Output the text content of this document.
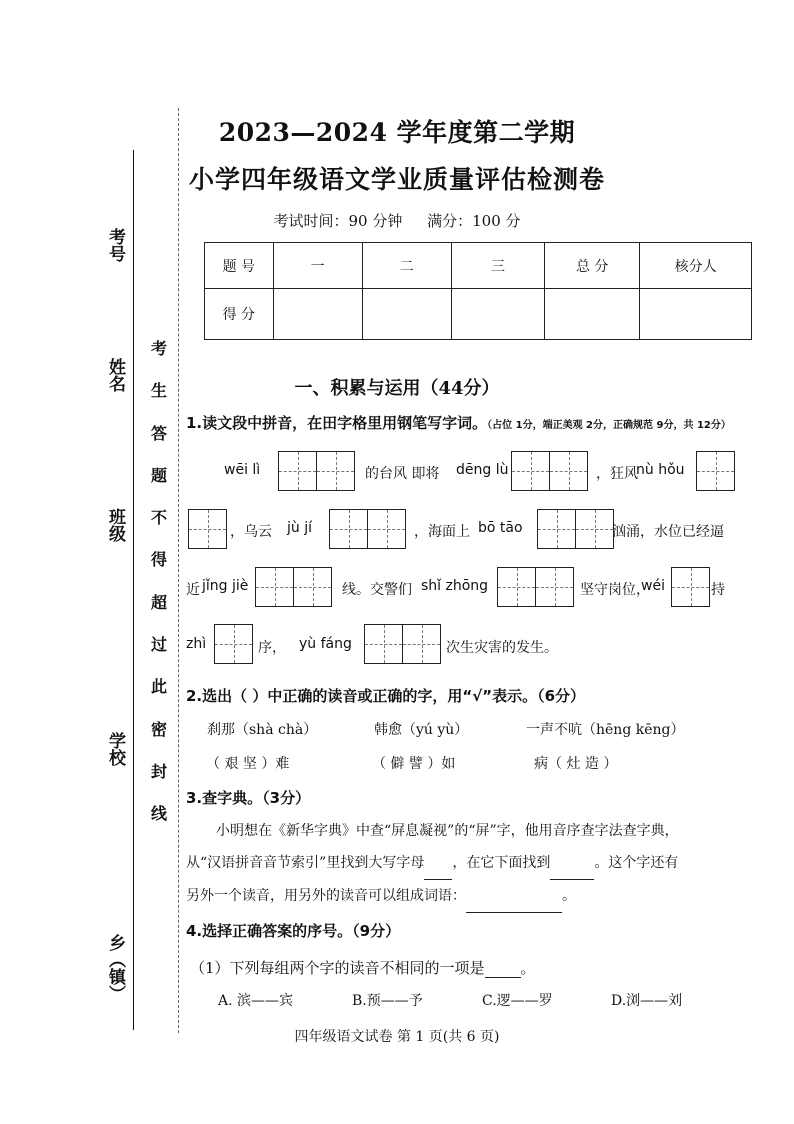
考号
姓名
班级
学校
乡（镇）
考
生
答
题
不
得
超
过
此
密
封
线
2023—2024 学年度第二学期
小学四年级语文学业质量评估检测卷
考试时间：90 分钟 满分：100 分
题 号	一	二	三	总 分	核分人
得 分					
一、积累与运用（44分）
1.读文段中拼音，在田字格里用钢笔写字词。（占位 1分，端正美观 2分，正确规范 9分，共 12分）
wēi lì	的台风 即将 dēng lù	，狂风
nù hǒu
，乌云 jù jí	，海面上 bō tāo	汹涌，水位已经逼
近 jǐng jiè	线。交警们 shǐ zhōng	坚守岗位，
wéi	持
zhì	序， yù fáng	次生灾害的发生。
2.选出（ ）中正确的读音或正确的字，用“√”表示。（6分）
刹那（shà chà）	韩愈（yú yù）	一声不吭（hēng kēng）
（ 艰 坚 ）难	（ 僻 譬 ）如	病（ 灶 造 ）
3.查字典。（3分）
小明想在《新华字典》中查“屏息凝视”的“屏”字，他用音序查字法查字典，
从“汉语拼音音节索引”里找到大写字母 ，在它下面找到	。这个字还有
另外一个读音，用另外的读音可以组成词语：	。
4.选择正确答案的序号。（9分）
（1）下列每组两个字的读音不相同的一项是 。
A. 滨——宾	B.预——予	C.逻——罗	D.浏——刘
四年级语文试卷 第 1 页(共 6 页)
